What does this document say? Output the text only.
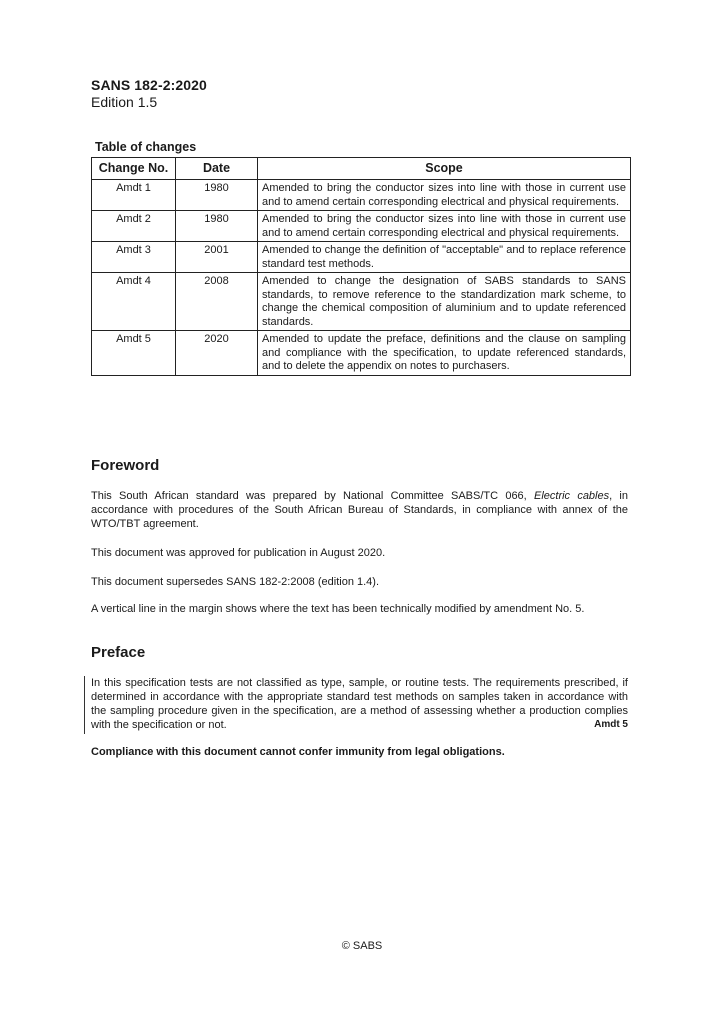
SANS 182-2:2020
Edition 1.5
Table of changes
Change No.	Date	Scope
Amdt 1	1980	Amended to bring the conductor sizes into line with those in current use and to amend certain corresponding electrical and physical requirements.
Amdt 2	1980	Amended to bring the conductor sizes into line with those in current use and to amend certain corresponding electrical and physical requirements.
Amdt 3	2001	Amended to change the definition of "acceptable" and to replace reference standard test methods.
Amdt 4	2008	Amended to change the designation of SABS standards to SANS standards, to remove reference to the standardization mark scheme, to change the chemical composition of aluminium and to update referenced standards.
Amdt 5	2020	Amended to update the preface, definitions and the clause on sampling and compliance with the specification, to update referenced standards, and to delete the appendix on notes to purchasers.
Foreword
This South African standard was prepared by National Committee SABS/TC 066, Electric cables, in accordance with procedures of the South African Bureau of Standards, in compliance with annex of the WTO/TBT agreement.
This document was approved for publication in August 2020.
This document supersedes SANS 182-2:2008 (edition 1.4).
A vertical line in the margin shows where the text has been technically modified by amendment No. 5.
Preface
In this specification tests are not classified as type, sample, or routine tests. The requirements prescribed, if determined in accordance with the appropriate standard test methods on samples taken in accordance with the sampling procedure given in the specification, are a method of assessing whether a production complies with the specification or not.	Amdt 5
Compliance with this document cannot confer immunity from legal obligations.
© SABS
